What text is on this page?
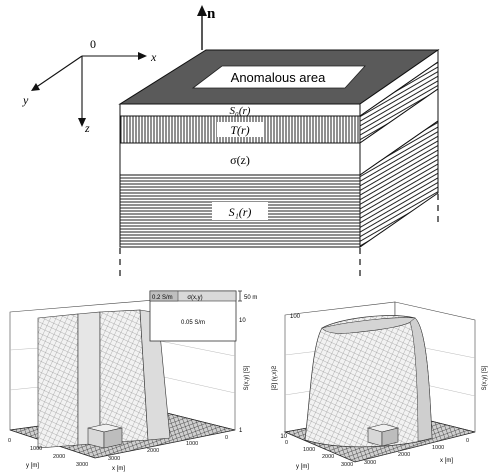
n
0
x
y
z
Anomalous area
S₀(r)
T(r)
σ(z)
S₁(r)
10
1
S(x,y) [S]
0
1000
2000
3000
y [m]
0
1000
2000
3000
x [m]
0.2 S/m σ(x,y)
0.05 S/m
50 m
100
10
S(x,y) [S]	S(x,y) [S]
0
1000
2000
3000
y [m]
0
1000
2000
3000	x [m]
